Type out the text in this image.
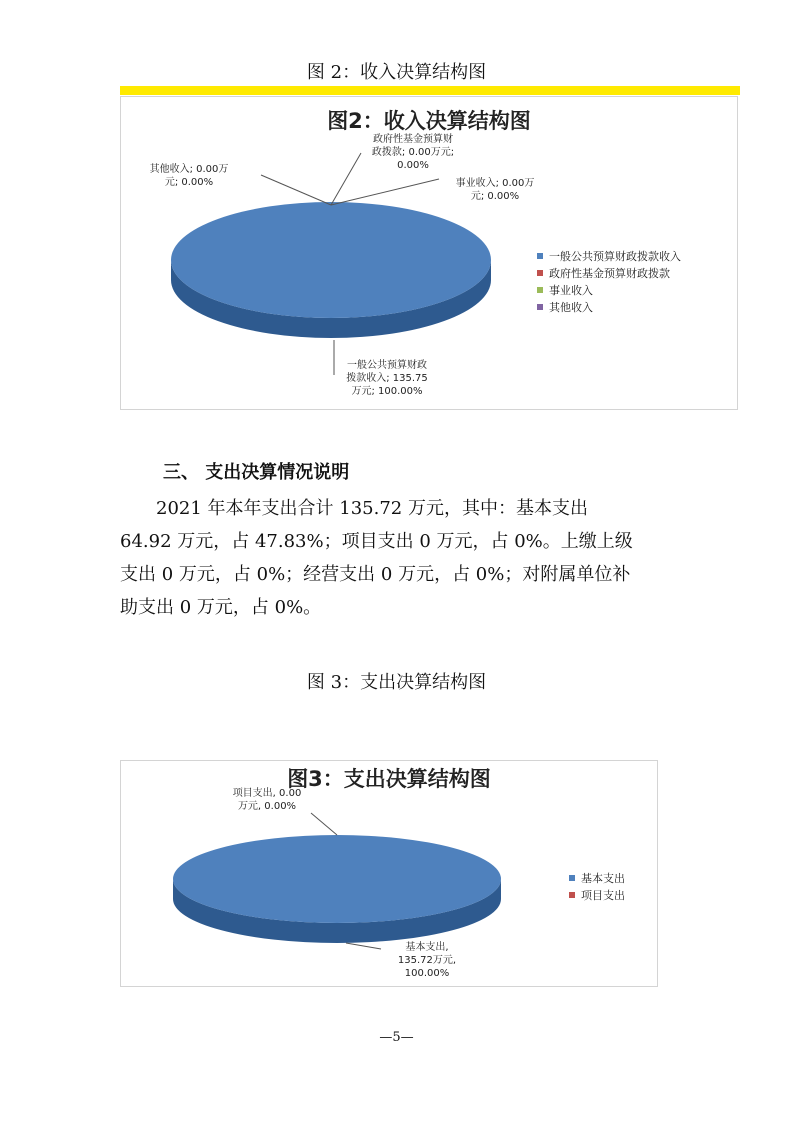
图 2：收入决算结构图
图2：收入决算结构图
其他收入; 0.00万
元; 0.00%
政府性基金预算财
政拨款; 0.00万元;
0.00%
事业收入; 0.00万
元; 0.00%
一般公共预算财政
拨款收入; 135.75
万元; 100.00%
一般公共预算财政拨款收入
政府性基金预算财政拨款
事业收入
其他收入
三、 支出决算情况说明
2021 年本年支出合计 135.72 万元，其中：基本支出
64.92 万元，占 47.83%；项目支出 0 万元，占 0%。上缴上级
支出 0 万元，占 0%；经营支出 0 万元，占 0%；对附属单位补
助支出 0 万元，占 0%。
图 3：支出决算结构图
图3：支出决算结构图
项目支出, 0.00
万元, 0.00%
基本支出,
135.72万元,
100.00%
基本支出
项目支出
—5—
